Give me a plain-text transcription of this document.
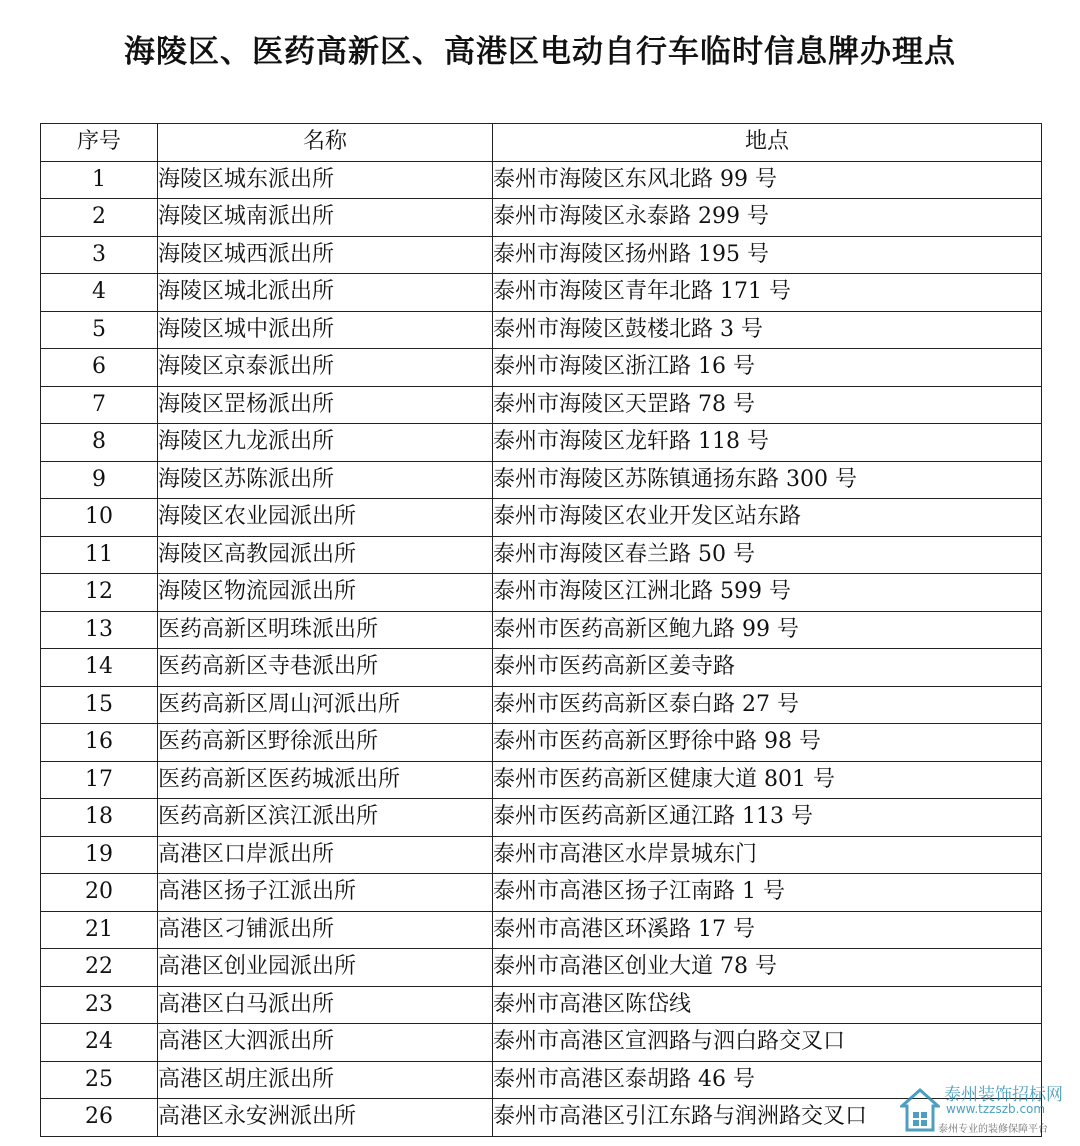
海陵区、医药高新区、高港区电动自行车临时信息牌办理点
序号	名称	地点
1	海陵区城东派出所	泰州市海陵区东风北路 99 号
2	海陵区城南派出所	泰州市海陵区永泰路 299 号
3	海陵区城西派出所	泰州市海陵区扬州路 195 号
4	海陵区城北派出所	泰州市海陵区青年北路 171 号
5	海陵区城中派出所	泰州市海陵区鼓楼北路 3 号
6	海陵区京泰派出所	泰州市海陵区浙江路 16 号
7	海陵区罡杨派出所	泰州市海陵区天罡路 78 号
8	海陵区九龙派出所	泰州市海陵区龙轩路 118 号
9	海陵区苏陈派出所	泰州市海陵区苏陈镇通扬东路 300 号
10	海陵区农业园派出所	泰州市海陵区农业开发区站东路
11	海陵区高教园派出所	泰州市海陵区春兰路 50 号
12	海陵区物流园派出所	泰州市海陵区江洲北路 599 号
13	医药高新区明珠派出所	泰州市医药高新区鲍九路 99 号
14	医药高新区寺巷派出所	泰州市医药高新区姜寺路
15	医药高新区周山河派出所	泰州市医药高新区泰白路 27 号
16	医药高新区野徐派出所	泰州市医药高新区野徐中路 98 号
17	医药高新区医药城派出所	泰州市医药高新区健康大道 801 号
18	医药高新区滨江派出所	泰州市医药高新区通江路 113 号
19	高港区口岸派出所	泰州市高港区水岸景城东门
20	高港区扬子江派出所	泰州市高港区扬子江南路 1 号
21	高港区刁铺派出所	泰州市高港区环溪路 17 号
22	高港区创业园派出所	泰州市高港区创业大道 78 号
23	高港区白马派出所	泰州市高港区陈岱线
24	高港区大泗派出所	泰州市高港区宣泗路与泗白路交叉口
25	高港区胡庄派出所	泰州市高港区泰胡路 46 号
26	高港区永安洲派出所	泰州市高港区引江东路与润洲路交叉口
泰州装饰招标网
www.tzzszb.com
泰州专业的装修保障平台
